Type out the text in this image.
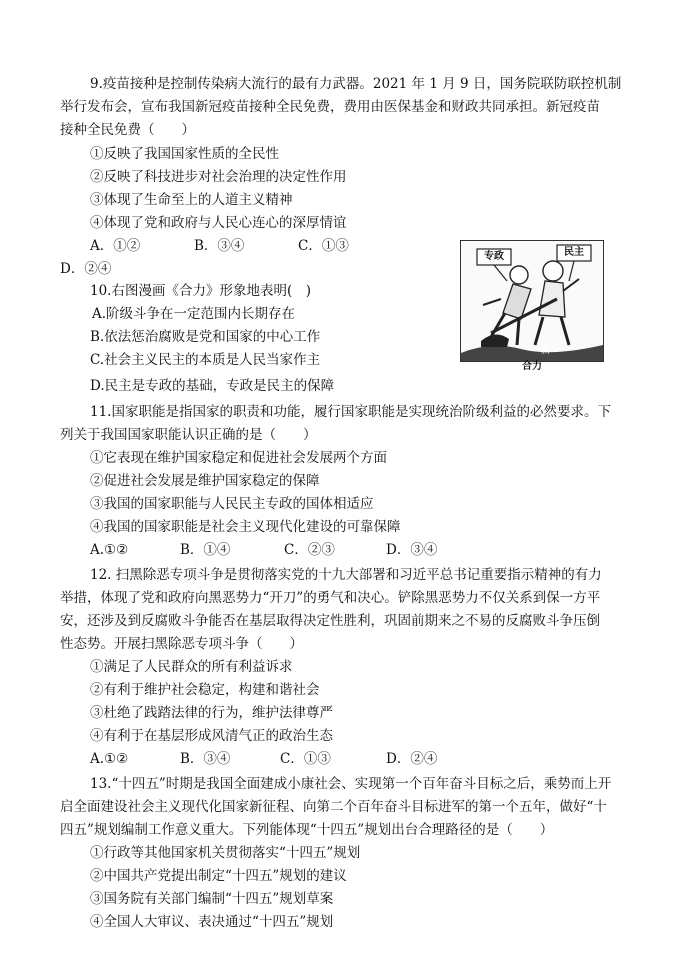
9.疫苗接种是控制传染病大流行的最有力武器。2021 年 1 月 9 日，国务院联防联控机制
举行发布会，宣布我国新冠疫苗接种全民免费，费用由医保基金和财政共同承担。新冠疫苗
接种全民免费（　　）
①反映了我国国家性质的全民性
②反映了科技进步对社会治理的决定性作用
③体现了生命至上的人道主义精神
④体现了党和政府与人民心连心的深厚情谊
A．①②	B．③④	C．①③
D．②④
10.右图漫画《合力》形象地表明(　)
A.阶级斗争在一定范围内长期存在
B.依法惩治腐败是党和国家的中心工作
C.社会主义民主的本质是人民当家作主
D.民主是专政的基础，专政是民主的保障
专政	民主
腐
合力
11.国家职能是指国家的职责和功能，履行国家职能是实现统治阶级利益的必然要求。下
列关于我国国家职能认识正确的是（　　）
①它表现在维护国家稳定和促进社会发展两个方面
②促进社会发展是维护国家稳定的保障
③我国的国家职能与人民民主专政的国体相适应
④我国的国家职能是社会主义现代化建设的可靠保障
A.①②	B．①④	C．②③	D．③④
12. 扫黑除恶专项斗争是贯彻落实党的十九大部署和习近平总书记重要指示精神的有力
举措，体现了党和政府向黑恶势力“开刀”的勇气和决心。铲除黑恶势力不仅关系到保一方平
安，还涉及到反腐败斗争能否在基层取得决定性胜利，巩固前期来之不易的反腐败斗争压倒
性态势。开展扫黑除恶专项斗争（　　）
①满足了人民群众的所有利益诉求
②有利于维护社会稳定，构建和谐社会
③杜绝了践踏法律的行为，维护法律尊严
④有利于在基层形成风清气正的政治生态
A.①②	B．③④	C．①③	D．②④
13.“十四五”时期是我国全面建成小康社会、实现第一个百年奋斗目标之后，乘势而上开
启全面建设社会主义现代化国家新征程、向第二个百年奋斗目标进军的第一个五年，做好“十
四五”规划编制工作意义重大。下列能体现“十四五”规划出台合理路径的是（　　）
①行政等其他国家机关贯彻落实“十四五”规划
②中国共产党提出制定“十四五”规划的建议
③国务院有关部门编制“十四五”规划草案
④全国人大审议、表决通过“十四五”规划
